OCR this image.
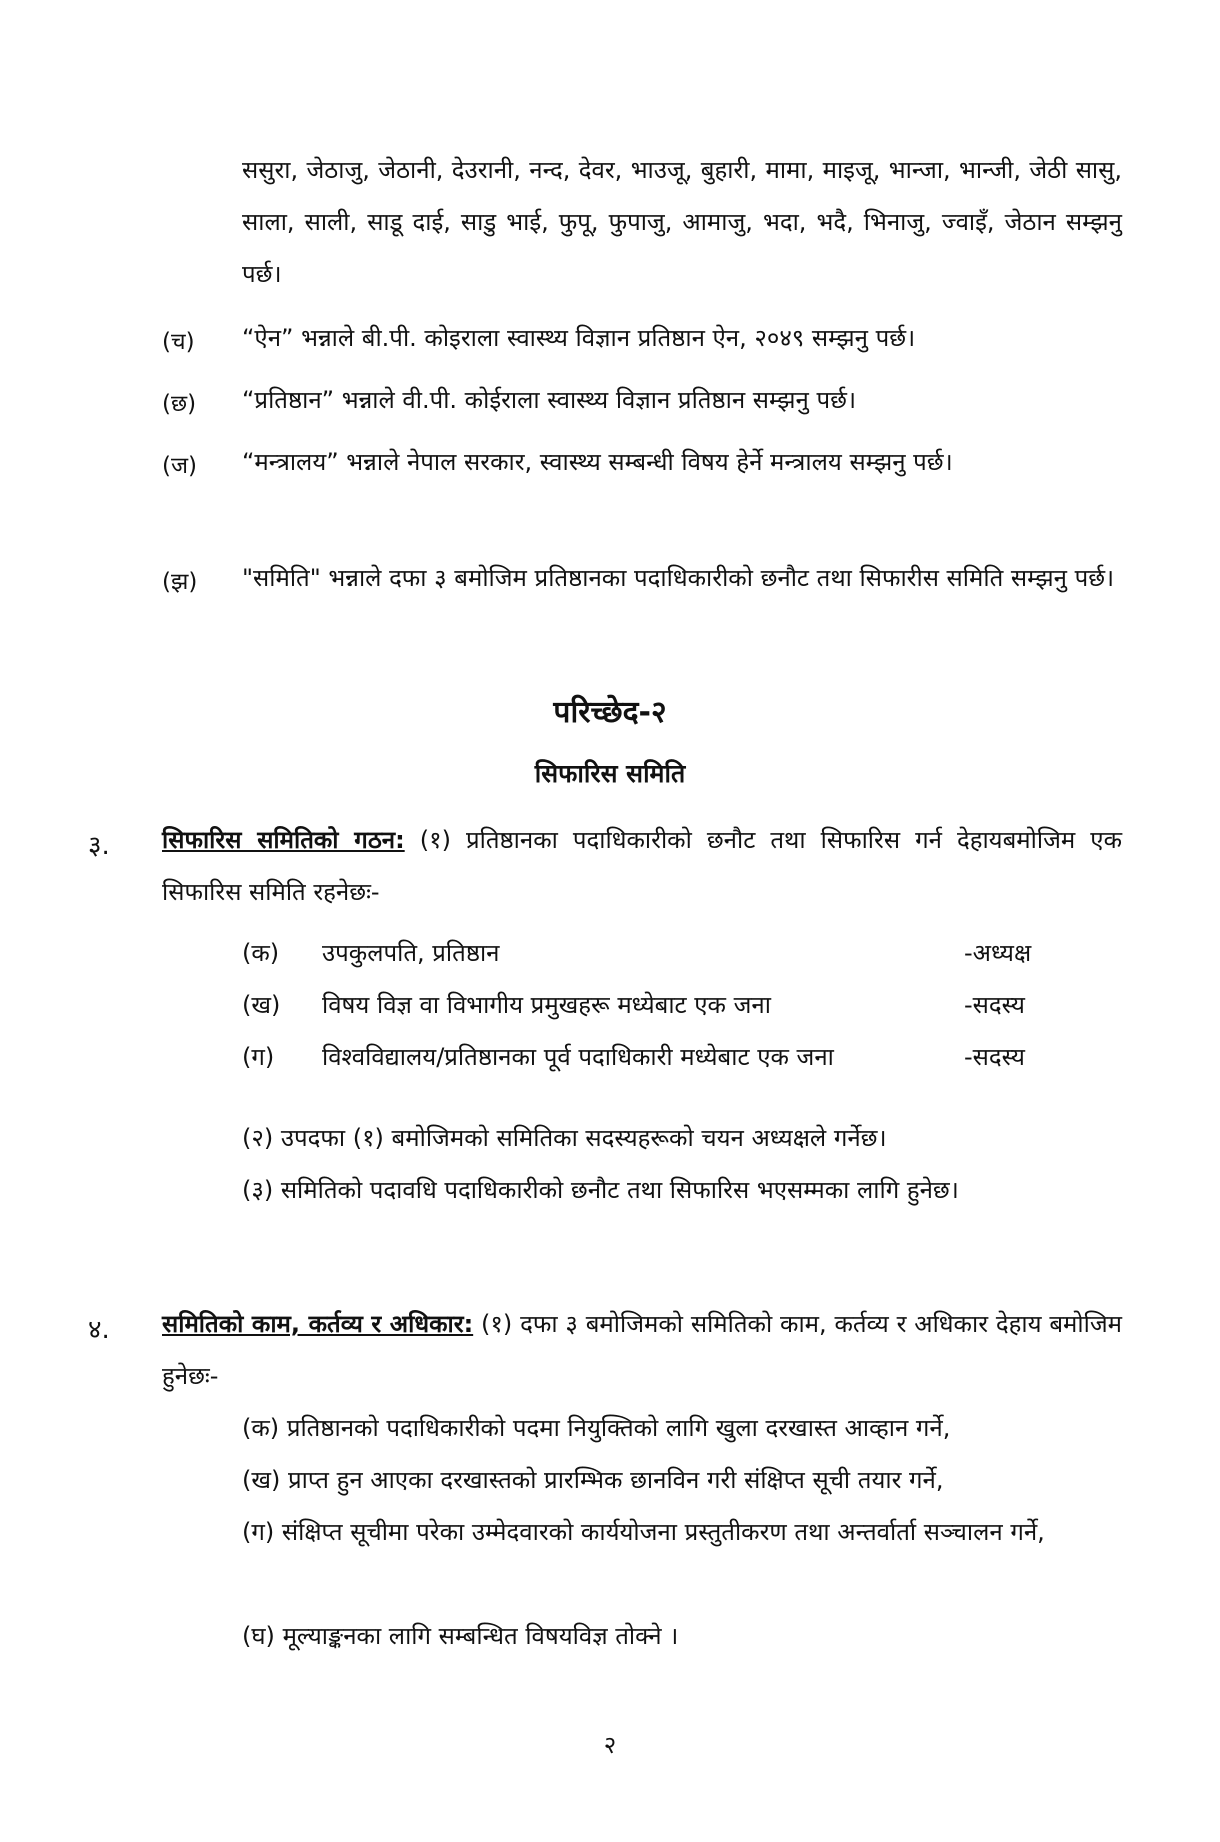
ससुरा, जेठाजु, जेठानी, देउरानी, नन्द, देवर, भाउजू, बुहारी, मामा, माइजू, भान्जा, भान्जी, जेठी सासु, साला, साली, साडू दाई, साडु भाई, फुपू, फुपाजु, आमाजु, भदा, भदै, भिनाजु, ज्वाइँ, जेठान सम्झनु पर्छ।
(च) “ऐन” भन्नाले बी.पी. कोइराला स्वास्थ्य विज्ञान प्रतिष्ठान ऐन, २०४९ सम्झनु पर्छ।
(छ) “प्रतिष्ठान” भन्नाले वी.पी. कोईराला स्वास्थ्य विज्ञान प्रतिष्ठान सम्झनु पर्छ।
(ज) “मन्त्रालय” भन्नाले नेपाल सरकार, स्वास्थ्य सम्बन्धी विषय हेर्ने मन्त्रालय सम्झनु पर्छ।
(झ) "समिति" भन्नाले दफा ३ बमोजिम प्रतिष्ठानका पदाधिकारीको छनौट तथा सिफारीस समिति सम्झनु पर्छ।
परिच्छेद-२
सिफारिस समिति
३. सिफारिस समितिको गठन: (१) प्रतिष्ठानका पदाधिकारीको छनौट तथा सिफारिस गर्न देहायबमोजिम एक सिफारिस समिति रहनेछः-
(क) उपकुलपति, प्रतिष्ठान	-अध्यक्ष
(ख) विषय विज्ञ वा विभागीय प्रमुखहरू मध्येबाट एक जना	-सदस्य
(ग) विश्वविद्यालय/प्रतिष्ठानका पूर्व पदाधिकारी मध्येबाट एक जना	-सदस्य
(२) उपदफा (१) बमोजिमको समितिका सदस्यहरूको चयन अध्यक्षले गर्नेछ।
(३) समितिको पदावधि पदाधिकारीको छनौट तथा सिफारिस भएसम्मका लागि हुनेछ।
४. समितिको काम, कर्तव्य र अधिकार: (१) दफा ३ बमोजिमको समितिको काम, कर्तव्य र अधिकार देहाय बमोजिम हुनेछः-
(क) प्रतिष्ठानको पदाधिकारीको पदमा नियुक्तिको लागि खुला दरखास्त आव्हान गर्ने,
(ख) प्राप्त हुन आएका दरखास्तको प्रारम्भिक छानविन गरी संक्षिप्त सूची तयार गर्ने,
(ग) संक्षिप्त सूचीमा परेका उम्मेदवारको कार्ययोजना प्रस्तुतीकरण तथा अन्तर्वार्ता सञ्चालन गर्ने,
(घ) मूल्याङ्कनका लागि सम्बन्धित विषयविज्ञ तोक्ने ।
२
